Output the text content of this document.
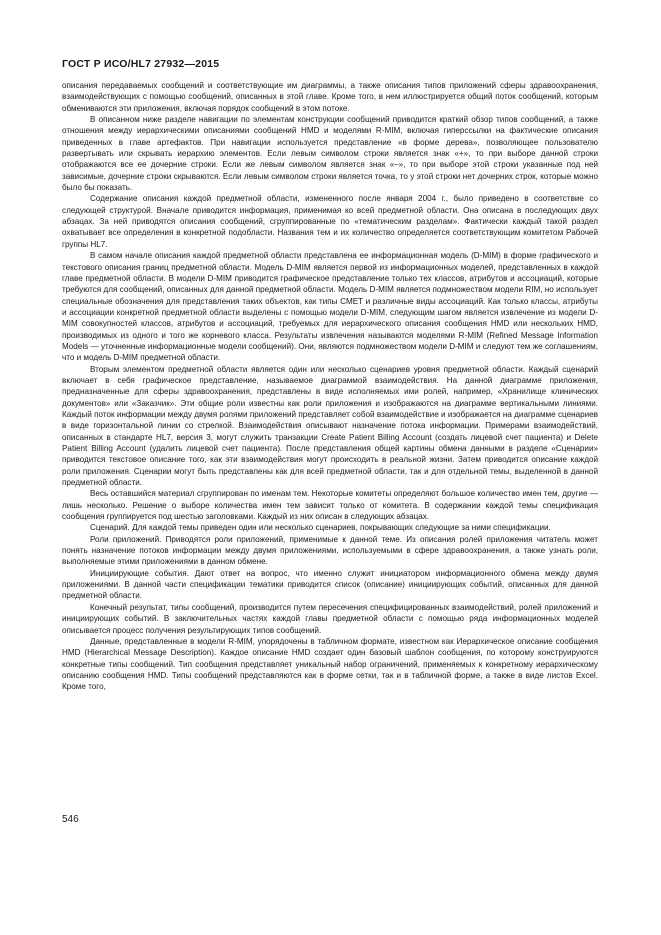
ГОСТ Р ИСО/HL7 27932—2015

описания передаваемых сообщений и соответствующие им диаграммы, а также описания типов приложений сферы здравоохранения, взаимодействующих с помощью сообщений, описанных в этой главе. Кроме того, в нем иллюстрируется общий поток сообщений, которым обмениваются эти приложения, включая порядок сообщений в этом потоке.

В описанном ниже разделе навигации по элементам конструкции сообщений приводится краткий обзор типов сообщений, а также отношения между иерархическими описаниями сообщений HMD и моделями R-MIM, включая гиперссылки на фактические описания приведенных в главе артефактов. При навигации используется представление «в форме дерева», позволяющее пользователю развертывать или скрывать иерархию элементов. Если левым символом строки является знак «+», то при выборе данной строки отображаются все ее дочерние строки. Если же левым символом является знак «–», то при выборе этой строки указанные под ней зависимые, дочерние строки скрываются. Если левым символом строки является точка, то у этой строки нет дочерних строк, которые можно было бы показать.

Содержание описания каждой предметной области, измененного после января 2004 г., было приведено в соответствие со следующей структурой. Вначале приводится информация, применимая ко всей предметной области. Она описана в последующих двух абзацах. За ней приводятся описания сообщений, сгруппированные по «тематическим разделам». Фактически каждый такой раздел охватывает все определения в конкретной подобласти. Названия тем и их количество определяется соответствующим комитетом Рабочей группы HL7.

В самом начале описания каждой предметной области представлена ее информационная модель (D-MIM) в форме графического и текстового описания границ предметной области. Модель D-MIM является первой из информационных моделей, представленных в каждой главе предметной области. В модели D-MIM приводится графическое представление только тех классов, атрибутов и ассоциаций, которые требуются для сообщений, описанных для данной предметной области. Модель D-MIM является подмножеством модели RIM, но использует специальные обозначения для представления таких объектов, как типы CMET и различные виды ассоциаций. Как только классы, атрибуты и ассоциации конкретной предметной области выделены с помощью модели D-MIM, следующим шагом является извлечение из модели D-MIM совокупностей классов, атрибутов и ассоциаций, требуемых для иерархического описания сообщения HMD или нескольких HMD, производимых из одного и того же корневого класса. Результаты извлечения называются моделями R-MIM (Refined Message Information Models — уточненные информационные модели сообщений). Они, являются подмножеством модели D-MIM и следуют тем же соглашениям, что и модель D-MIM предметной области.

Вторым элементом предметной области является один или несколько сценариев уровня предметной области. Каждый сценарий включает в себя графическое представление, называемое диаграммой взаимодействия. На данной диаграмме приложения, предназначенные для сферы здравоохранения, представлены в виде исполняемых ими ролей, например, «Хранилище клинических документов» или «Заказчик». Эти общие роли известны как роли приложения и изображаются на диаграмме вертикальными линиями. Каждый поток информации между двумя ролями приложений представляет собой взаимодействие и изображается на диаграмме сценариев в виде горизонтальной линии со стрелкой. Взаимодействия описывают назначение потока информации. Примерами взаимодействий, описанных в стандарте HL7, версия 3, могут служить транзакции Create Patient Billing Account (создать лицевой счет пациента) и Delete Patient Billing Account (удалить лицевой счет пациента). После представления общей картины обмена данными в разделе «Сценарии» приводится текстовое описание того, как эти взаимодействия могут происходить в реальной жизни. Затем приводится описание каждой роли приложения. Сценарии могут быть представлены как для всей предметной области, так и для отдельной темы, выделенной в данной предметной области.

Весь оставшийся материал сгруппирован по именам тем. Некоторые комитеты определяют большое количество имен тем, другие — лишь несколько. Решение о выборе количества имен тем зависит только от комитета. В содержании каждой темы спецификация сообщения группируется под шестью заголовками. Каждый из них описан в следующих абзацах.

Сценарий. Для каждой темы приведен один или несколько сценариев, покрывающих следующие за ними спецификации.

Роли приложений. Приводятся роли приложений, применимые к данной теме. Из описания ролей приложения читатель может понять назначение потоков информации между двумя приложениями, используемыми в сфере здравоохранения, а также узнать роли, выполняемые этими приложениями в данном обмене.

Инициирующие события. Дают ответ на вопрос, что именно служит инициатором информационного обмена между двумя приложениями. В данной части спецификации тематики приводится список (описание) инициирующих событий, описанных для данной предметной области.

Конечный результат, типы сообщений, производится путем пересечения специфицированных взаимодействий, ролей приложений и инициирующих событий. В заключительных частях каждой главы предметной области с помощью ряда информационных моделей описывается процесс получения результирующих типов сообщений.

Данные, представленные в модели R-MIM, упорядочены в табличном формате, известном как Иерархическое описание сообщения HMD (Hierarchical Message Description). Каждое описание HMD создает один базовый шаблон сообщения, по которому конструируются конкретные типы сообщений. Тип сообщения представляет уникальный набор ограничений, применяемых к конкретному иерархическому описанию сообщения HMD. Типы сообщений представляются как в форме сетки, так и в табличной форме, а также в виде листов Excel. Кроме того,

546
